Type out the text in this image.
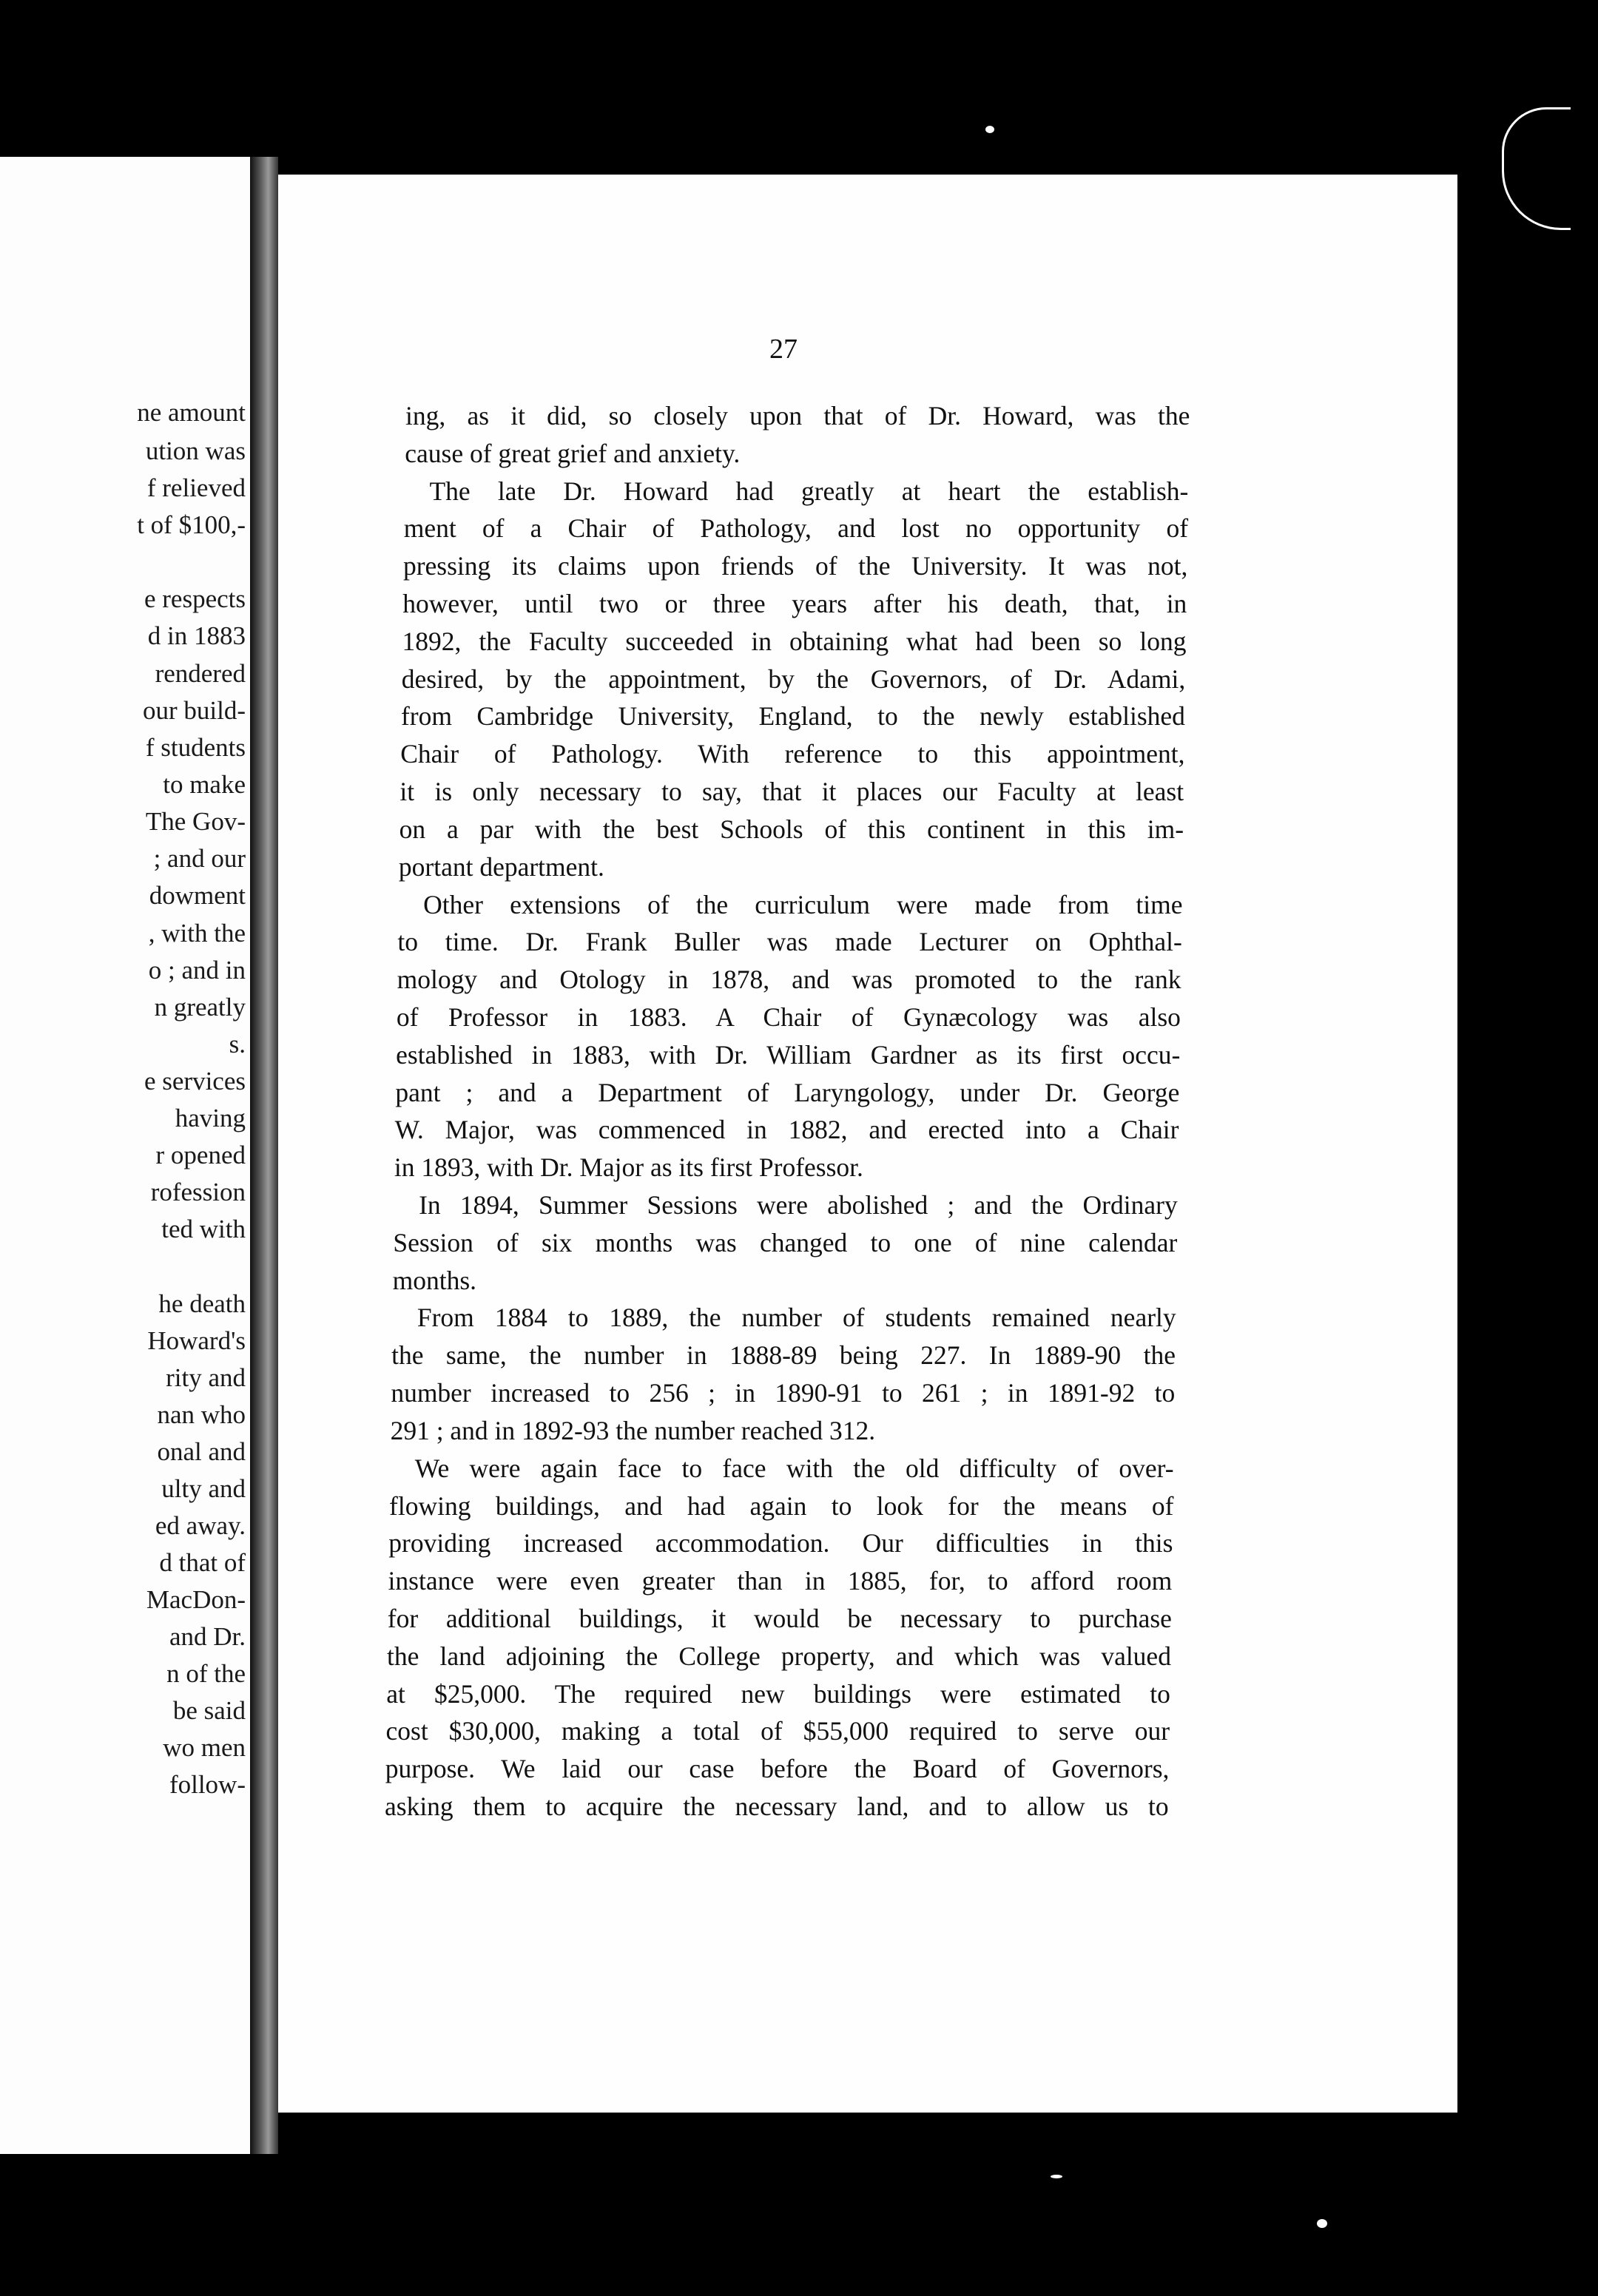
ne amount
ution was
f relieved
t of $100,-
e respects
d in 1883
rendered
our build-
f students
to make
The Gov-
; and our
dowment
, with the
o ; and in
n greatly
s.
e services
having
r opened
rofession
ted with
he death
Howard's
rity and
nan who
onal and
ulty and
ed away.
d that of
MacDon-
and Dr.
n of the
be said
wo men
follow-
27
ing, as it did, so closely upon that of Dr. Howard, was the
cause of great grief and anxiety.
The late Dr. Howard had greatly at heart the establish-
ment of a Chair of Pathology, and lost no opportunity of
pressing its claims upon friends of the University. It was not,
however, until two or three years after his death, that, in
1892, the Faculty succeeded in obtaining what had been so long
desired, by the appointment, by the Governors, of Dr. Adami,
from Cambridge University, England, to the newly established
Chair of Pathology. With reference to this appointment,
it is only necessary to say, that it places our Faculty at least
on a par with the best Schools of this continent in this im-
portant department.
Other extensions of the curriculum were made from time
to time. Dr. Frank Buller was made Lecturer on Ophthal-
mology and Otology in 1878, and was promoted to the rank
of Professor in 1883. A Chair of Gynæcology was also
established in 1883, with Dr. William Gardner as its first occu-
pant ; and a Department of Laryngology, under Dr. George
W. Major, was commenced in 1882, and erected into a Chair
in 1893, with Dr. Major as its first Professor.
In 1894, Summer Sessions were abolished ; and the Ordinary
Session of six months was changed to one of nine calendar
months.
From 1884 to 1889, the number of students remained nearly
the same, the number in 1888-89 being 227. In 1889-90 the
number increased to 256 ; in 1890-91 to 261 ; in 1891-92 to
291 ; and in 1892-93 the number reached 312.
We were again face to face with the old difficulty of over-
flowing buildings, and had again to look for the means of
providing increased accommodation. Our difficulties in this
instance were even greater than in 1885, for, to afford room
for additional buildings, it would be necessary to purchase
the land adjoining the College property, and which was valued
at $25,000. The required new buildings were estimated to
cost $30,000, making a total of $55,000 required to serve our
purpose. We laid our case before the Board of Governors,
asking them to acquire the necessary land, and to allow us to
